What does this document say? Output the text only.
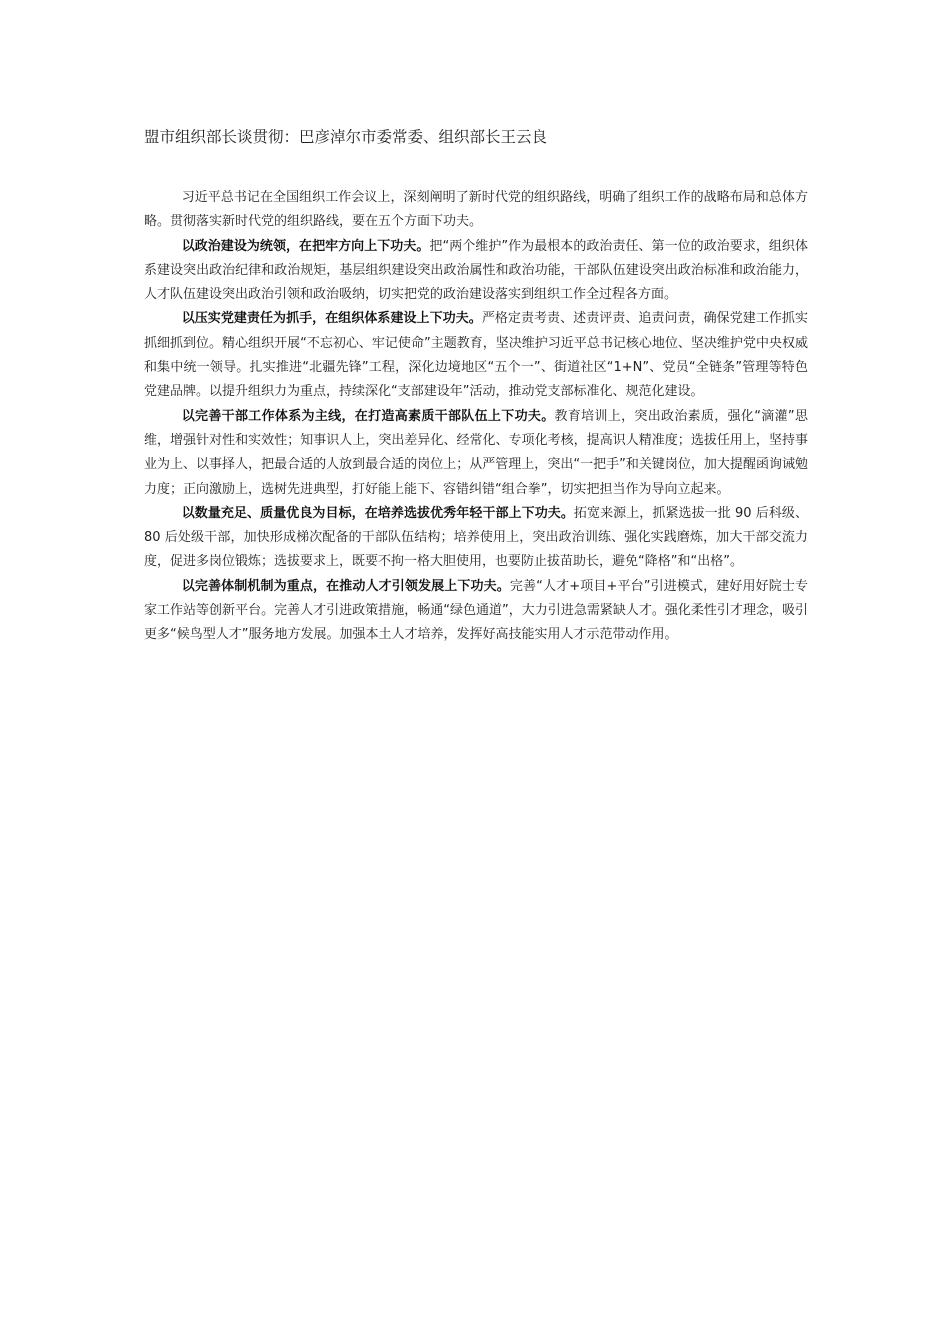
盟市组织部长谈贯彻：巴彦淖尔市委常委、组织部长王云良

习近平总书记在全国组织工作会议上，深刻阐明了新时代党的组织路线，明确了组织工作的战略布局和总体方略。贯彻落实新时代党的组织路线，要在五个方面下功夫。

以政治建设为统领，在把牢方向上下功夫。把“两个维护”作为最根本的政治责任、第一位的政治要求，组织体系建设突出政治纪律和政治规矩，基层组织建设突出政治属性和政治功能，干部队伍建设突出政治标准和政治能力，人才队伍建设突出政治引领和政治吸纳，切实把党的政治建设落实到组织工作全过程各方面。

以压实党建责任为抓手，在组织体系建设上下功夫。严格定责考责、述责评责、追责问责，确保党建工作抓实抓细抓到位。精心组织开展“不忘初心、牢记使命”主题教育，坚决维护习近平总书记核心地位、坚决维护党中央权威和集中统一领导。扎实推进“北疆先锋”工程，深化边境地区“五个一”、街道社区“1+N”、党员“全链条”管理等特色党建品牌。以提升组织力为重点，持续深化“支部建设年”活动，推动党支部标准化、规范化建设。

以完善干部工作体系为主线，在打造高素质干部队伍上下功夫。教育培训上，突出政治素质，强化“滴灌”思维，增强针对性和实效性；知事识人上，突出差异化、经常化、专项化考核，提高识人精准度；选拔任用上，坚持事业为上、以事择人，把最合适的人放到最合适的岗位上；从严管理上，突出“一把手”和关键岗位，加大提醒函询诫勉力度；正向激励上，选树先进典型，打好能上能下、容错纠错“组合拳”，切实把担当作为导向立起来。

以数量充足、质量优良为目标，在培养选拔优秀年轻干部上下功夫。拓宽来源上，抓紧选拔一批 90 后科级、80 后处级干部，加快形成梯次配备的干部队伍结构；培养使用上，突出政治训练、强化实践磨炼，加大干部交流力度，促进多岗位锻炼；选拔要求上，既要不拘一格大胆使用，也要防止拔苗助长，避免“降格”和“出格”。

以完善体制机制为重点，在推动人才引领发展上下功夫。完善“人才+项目+平台”引进模式，建好用好院士专家工作站等创新平台。完善人才引进政策措施，畅通“绿色通道”，大力引进急需紧缺人才。强化柔性引才理念，吸引更多“候鸟型人才”服务地方发展。加强本土人才培养，发挥好高技能实用人才示范带动作用。
